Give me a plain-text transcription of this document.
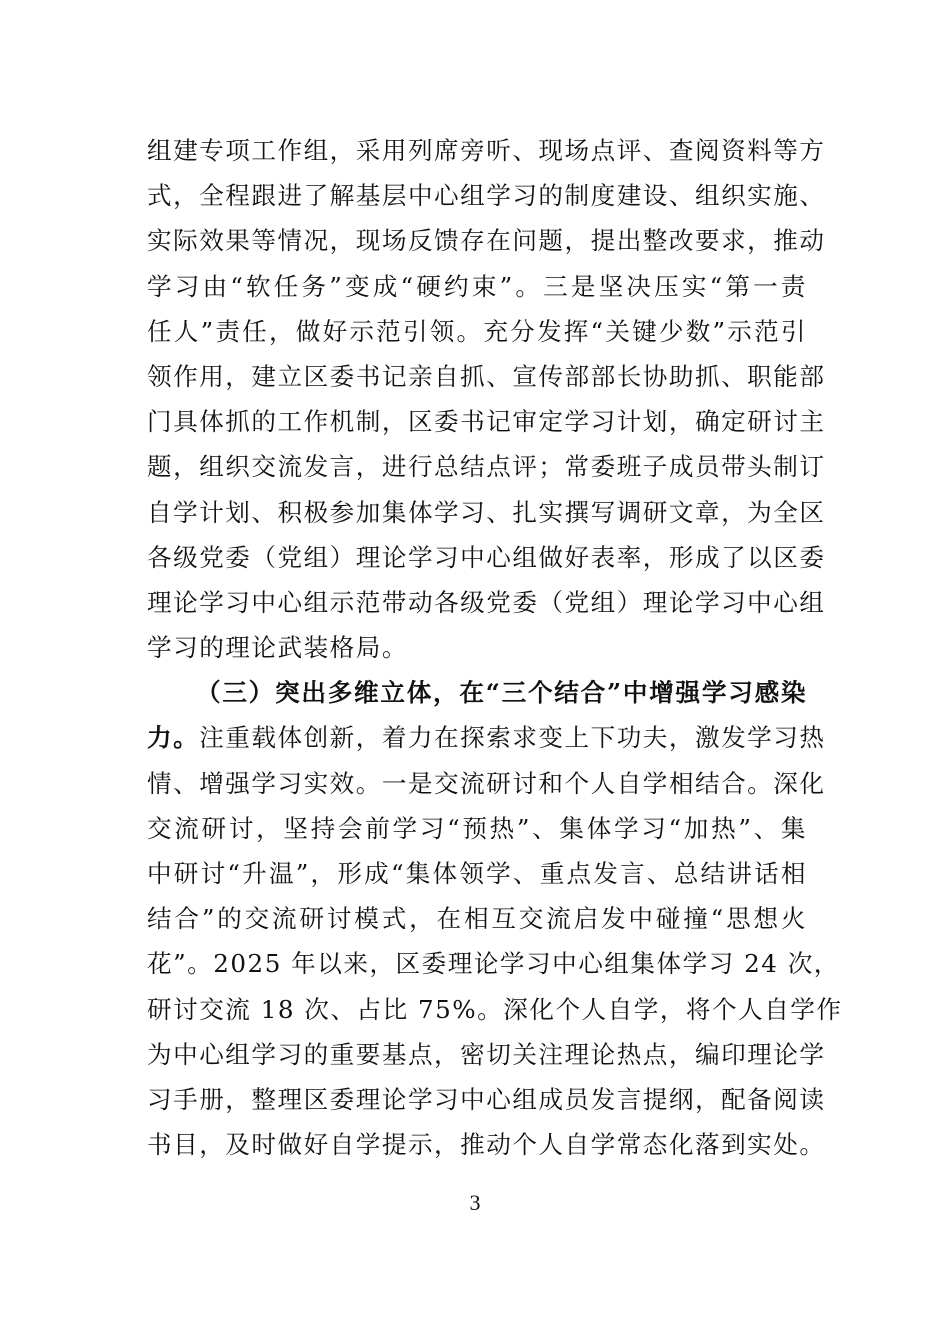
组建专项工作组，采用列席旁听、现场点评、查阅资料等方
式，全程跟进了解基层中心组学习的制度建设、组织实施、
实际效果等情况，现场反馈存在问题，提出整改要求，推动
学习由“软任务”变成“硬约束”。三是坚决压实“第一责
任人”责任，做好示范引领。充分发挥“关键少数”示范引
领作用，建立区委书记亲自抓、宣传部部长协助抓、职能部
门具体抓的工作机制，区委书记审定学习计划，确定研讨主
题，组织交流发言，进行总结点评；常委班子成员带头制订
自学计划、积极参加集体学习、扎实撰写调研文章，为全区
各级党委（党组）理论学习中心组做好表率，形成了以区委
理论学习中心组示范带动各级党委（党组）理论学习中心组
学习的理论武装格局。
（三）突出多维立体，在“三个结合”中增强学习感染
力。注重载体创新，着力在探索求变上下功夫，激发学习热
情、增强学习实效。一是交流研讨和个人自学相结合。深化
交流研讨，坚持会前学习“预热”、集体学习“加热”、集
中研讨“升温”，形成“集体领学、重点发言、总结讲话相
结合”的交流研讨模式，在相互交流启发中碰撞“思想火
花”。2025 年以来，区委理论学习中心组集体学习 24 次，
研讨交流 18 次、占比 75%。深化个人自学，将个人自学作
为中心组学习的重要基点，密切关注理论热点，编印理论学
习手册，整理区委理论学习中心组成员发言提纲，配备阅读
书目，及时做好自学提示，推动个人自学常态化落到实处。
3
